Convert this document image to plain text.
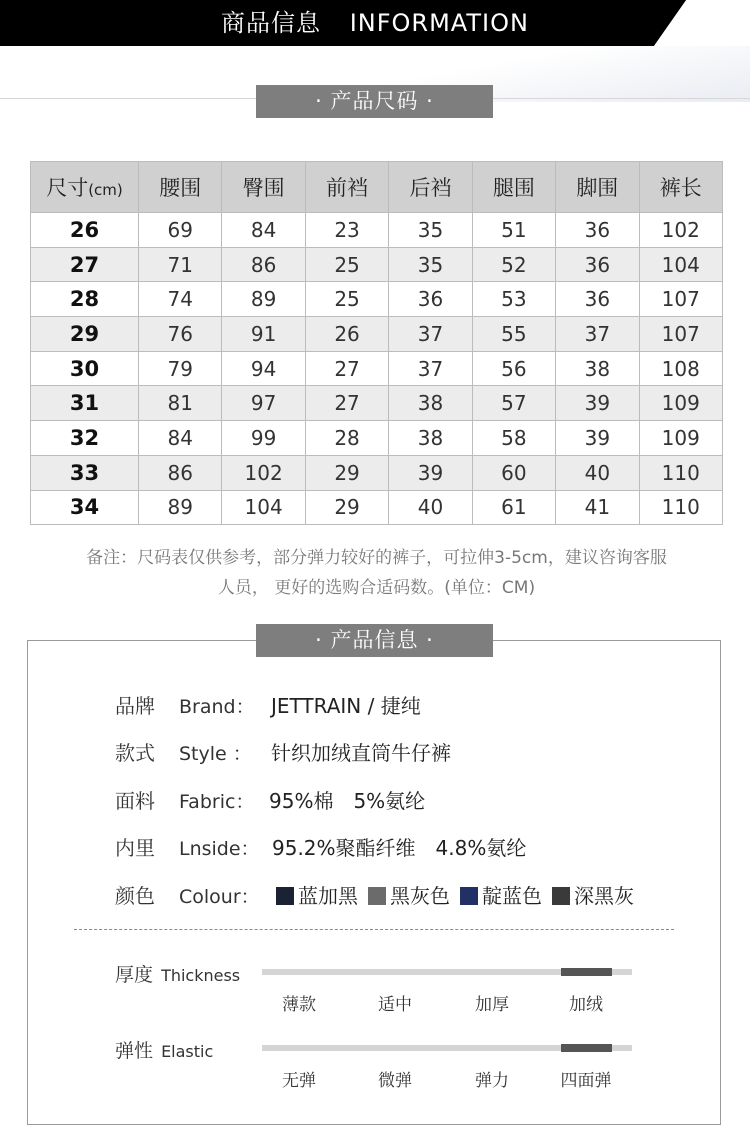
商品信息 INFORMATION
· 产品尺码 ·
尺寸(cm)	腰围	臀围	前裆	后裆	腿围	脚围	裤长
26	69	84	23	35	51	36	102
27	71	86	25	35	52	36	104
28	74	89	25	36	53	36	107
29	76	91	26	37	55	37	107
30	79	94	27	37	56	38	108
31	81	97	27	38	57	39	109
32	84	99	28	38	58	39	109
33	86	102	29	39	60	40	110
34	89	104	29	40	61	41	110
备注：尺码表仅供参考，部分弹力较好的裤子，可拉伸3-5cm，建议咨询客服
人员， 更好的选购合适码数。(单位：CM)
· 产品信息 ·
品牌 Brand： JETTRAIN / 捷纯
款式 Style ： 针织加绒直筒牛仔裤
面料 Fabric： 95%棉　5%氨纶
内里 Lnside： 95.2%聚酯纤维　4.8%氨纶
颜色 Colour： 蓝加黑 黑灰色 靛蓝色 深黑灰
厚度 Thickness
薄款	适中	加厚	加绒
弹性 Elastic
无弹	微弹	弹力	四面弹
